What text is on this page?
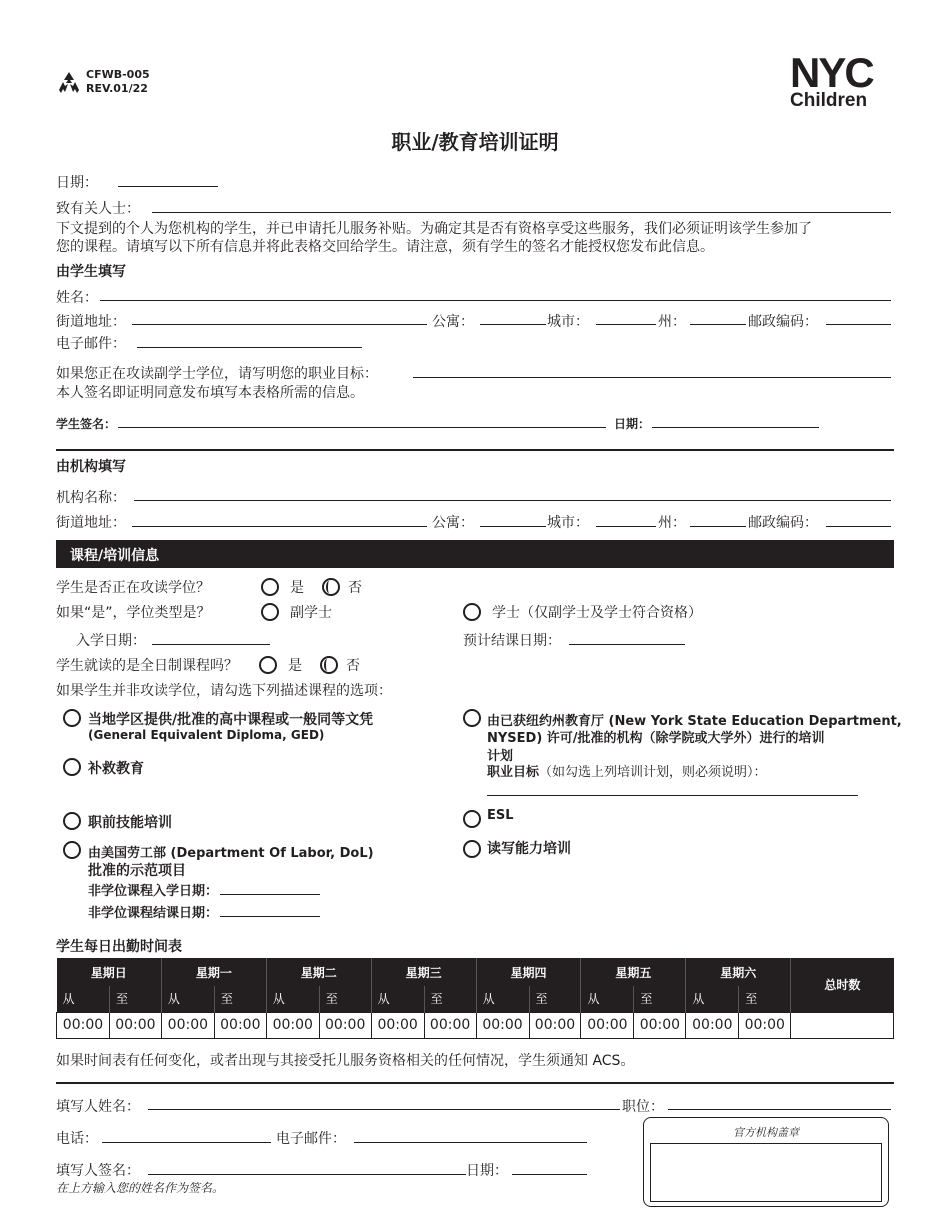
CFWB-005
REV.01/22	NYC
Children
职业/教育培训证明
日期：
致有关人士：
下文提到的个人为您机构的学生，并已申请托儿服务补贴。为确定其是否有资格享受这些服务，我们必须证明该学生参加了
您的课程。请填写以下所有信息并将此表格交回给学生。请注意，须有学生的签名才能授权您发布此信息。
由学生填写
姓名：
街道地址：	公寓：	城市：	州：	邮政编码：
电子邮件：
如果您正在攻读副学士学位，请写明您的职业目标：
本人签名即证明同意发布填写本表格所需的信息。
学生签名：	日期：
由机构填写
机构名称：
街道地址：	公寓：	城市：	州：	邮政编码：
课程/培训信息
学生是否正在攻读学位？	是	否
如果“是”，学位类型是？	副学士	学士（仅副学士及学士符合资格）
入学日期：	预计结课日期：
学生就读的是全日制课程吗？	是	否
如果学生并非攻读学位，请勾选下列描述课程的选项：
当地学区提供/批准的高中课程或一般同等文凭
(General Equivalent Diploma, GED)
补救教育
职前技能培训
由美国劳工部 (Department Of Labor, DoL)
批准的示范项目
非学位课程入学日期：
非学位课程结课日期：
由已获纽约州教育厅 (New York State Education Department,
NYSED) 许可/批准的机构（除学院或大学外）进行的培训
计划
职业目标（如勾选上列培训计划，则必须说明）：
ESL
读写能力培训
学生每日出勤时间表
星期日		星期一		星期二		星期三		星期四		星期五		星期六		总时数
从	至	从	至	从	至	从	至	从	至	从	至	从	至	
00:00	00:00	00:00	00:00	00:00	00:00	00:00	00:00	00:00	00:00	00:00	00:00	00:00	00:00	
如果时间表有任何变化，或者出现与其接受托儿服务资格相关的任何情况，学生须通知 ACS。
填写人姓名：	职位：
电话：	电子邮件：	官方机构盖章
填写人签名：	日期：
在上方输入您的姓名作为签名。
